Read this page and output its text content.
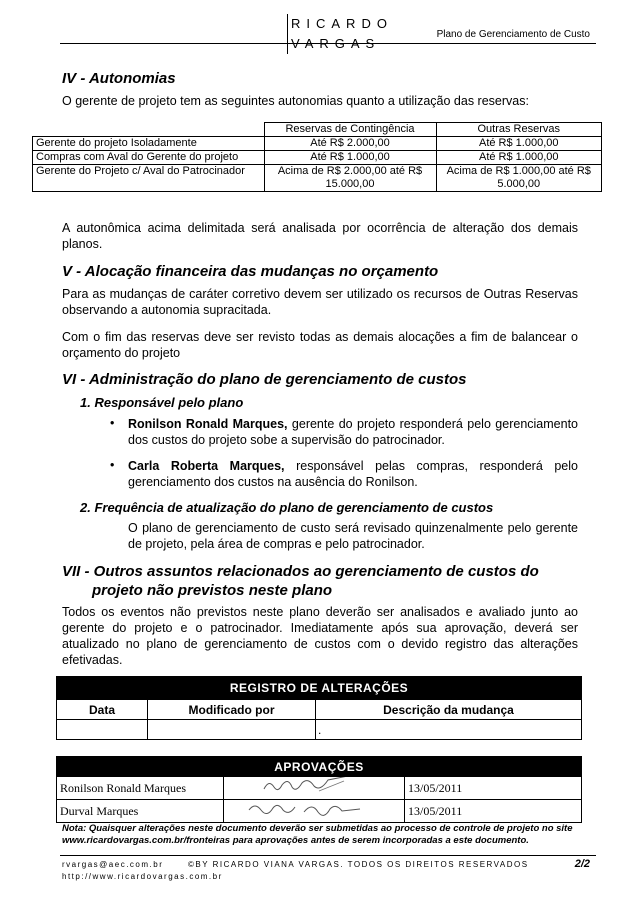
RICARDO
VARGAS
Plano de Gerenciamento de Custo
IV - Autonomias
O gerente de projeto tem as seguintes autonomias quanto a utilização das reservas:
	Reservas de Contingência	Outras Reservas
Gerente do projeto Isoladamente	Até R$ 2.000,00	Até R$ 1.000,00
Compras com Aval do Gerente do projeto	Até R$ 1.000,00	Até R$ 1.000,00
Gerente do Projeto c/ Aval do Patrocinador	Acima de R$ 2.000,00 até R$ 15.000,00	Acima de R$ 1.000,00 até R$ 5.000,00
A autonômica acima delimitada será analisada por ocorrência de alteração dos demais planos.
V - Alocação financeira das mudanças no orçamento
Para as mudanças de caráter corretivo devem ser utilizado os recursos de Outras Reservas observando a autonomia supracitada.
Com o fim das reservas deve ser revisto todas as demais alocações a fim de balancear o orçamento do projeto
VI - Administração do plano de gerenciamento de custos
1. Responsável pelo plano
• Ronilson Ronald Marques, gerente do projeto responderá pelo gerenciamento dos custos do projeto sobe a supervisão do patrocinador.
• Carla Roberta Marques, responsável pelas compras, responderá pelo gerenciamento dos custos na ausência do Ronilson.
2. Frequência de atualização do plano de gerenciamento de custos
O plano de gerenciamento de custo será revisado quinzenalmente pelo gerente de projeto, pela área de compras e pelo patrocinador.
VII - Outros assuntos relacionados ao gerenciamento de custos do
projeto não previstos neste plano
Todos os eventos não previstos neste plano deverão ser analisados e avaliado junto ao gerente do projeto e o patrocinador. Imediatamente após sua aprovação, deverá ser atualizado no plano de gerenciamento de custos com o devido registro das alterações efetivadas.
REGISTRO DE ALTERAÇÕES		
Data	Modificado por	Descrição da mudança
		.
APROVAÇÕES		
Ronilson Ronald Marques		13/05/2011
Durval Marques		13/05/2011
Nota: Quaisquer alterações neste documento deverão ser submetidas ao processo de controle de projeto no site www.ricardovargas.com.br/fronteiras para aprovações antes de serem incorporadas a este documento.
rvargas@aec.com.br	©BY RICARDO VIANA VARGAS. TODOS OS DIREITOS RESERVADOS	2/2
http://www.ricardovargas.com.br
